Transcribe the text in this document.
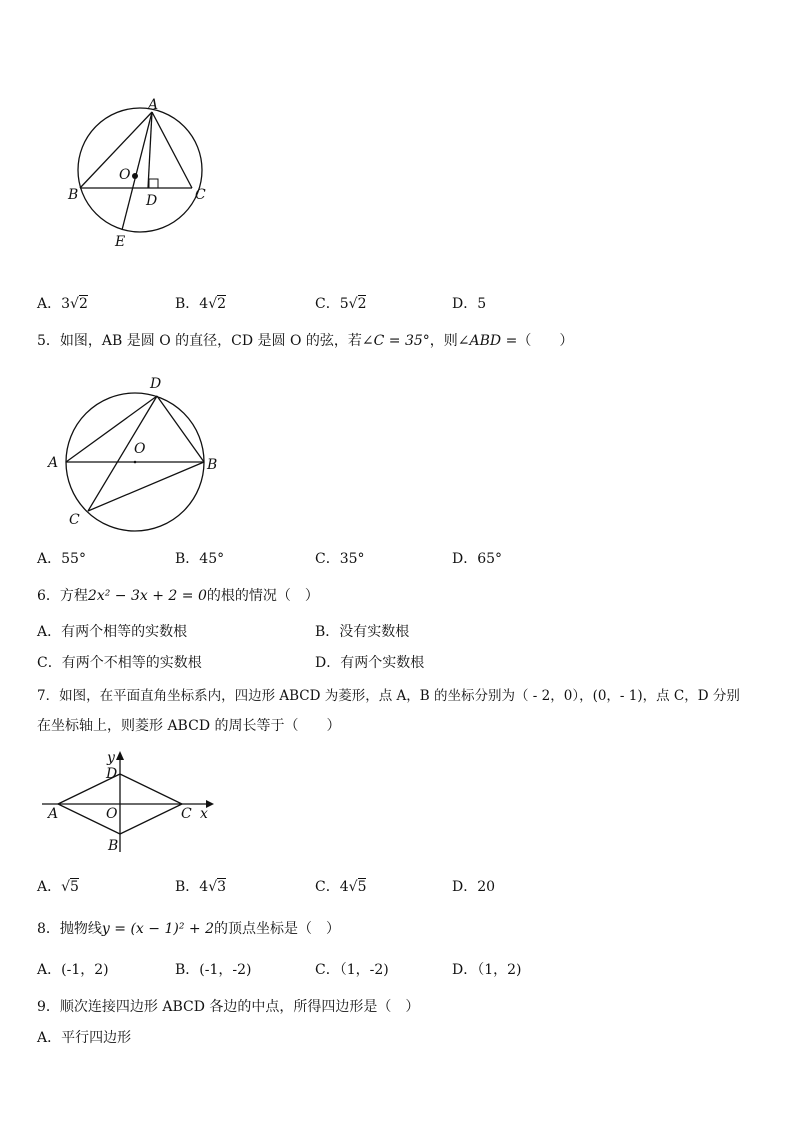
A
B	C
D
E
O
A．3√2	B．4√2	C．5√2	D．5
5．如图，AB 是圆 O 的直径，CD 是圆 O 的弦，若∠C = 35°，则∠ABD =（　　）
D
A	B
C
O
A．55°	B．45°	C．35°	D．65°
6．方程2x² − 3x + 2 = 0的根的情况（　）
A．有两个相等的实数根	B．没有实数根
C．有两个不相等的实数根	D．有两个实数根
7．如图，在平面直角坐标系内，四边形 ABCD 为菱形，点 A，B 的坐标分别为（ - 2，0），(0，- 1)，点 C，D 分别
在坐标轴上，则菱形 ABCD 的周长等于（　　）
A
B
C
D
O	x
y
A．√5	B．4√3	C．4√5	D．20
8．抛物线y = (x − 1)² + 2的顶点坐标是（　）
A．(-1，2)	B．(-1，-2)	C．（1，-2)	D．（1，2)
9．顺次连接四边形 ABCD 各边的中点，所得四边形是（　）
A．平行四边形
